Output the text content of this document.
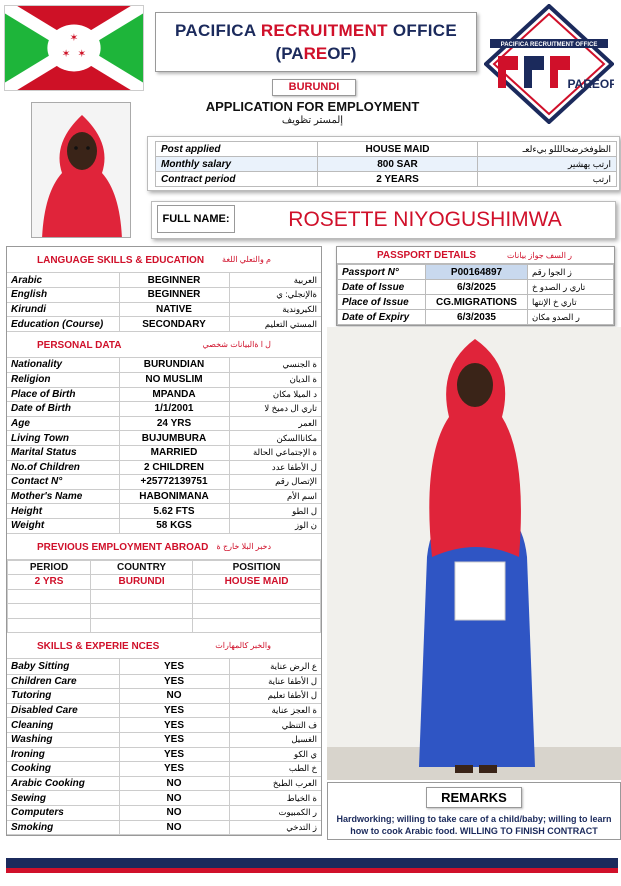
✶
✶ ✶
PACIFICA RECRUITMENT OFFICE
(PAREOF)
BURUNDI
APPLICATION FOR EMPLOYMENT
إلمستر تظويف
PACIFICA RECRUITMENT OFFICE
PAREOF
Post applied	HOUSE MAID	الظوفخرضحالللو بيءلعـ
Monthly salary	800 SAR	ارتب يهشير
Contract period	2 YEARS	ارتب
FULL NAME:	ROSETTE NIYOGUSHIMWA
LANGUAGE SKILLS & EDUCATION م والتعلي اللغة
Arabic	BEGINNER	العربية
English	BEGINNER	ةالإنجلي: ي
Kirundi	NATIVE	الكيروندية
Education (Course)	SECONDARY	المستي التعليم
PERSONAL DATA	ل ا ةالبيانات شخصي
Nationality	BURUNDIAN	ة الجنسي
Religion	NO MUSLIM	ة الديان
Place of Birth	MPANDA	د الميلا مكان
Date of Birth	1/1/2001	تاري ال دميخ لا
Age	24 YRS	العمر
Living Town	BUJUMBURA	مكاناالسكن
Marital Status	MARRIED	ة الإجتماعي الحالة
No.of Children	2 CHILDREN	ل الأطفا عدد
Contact N°	+25772139751	الإتصال رقم
Mother's Name	HABONIMANA	اسم الأم
Height	5.62 FTS	ل الطو
Weight	58 KGS	ن الوز
PREVIOUS EMPLOYMENT ABROAD دخبر البلا خارج ة
PERIOD	COUNTRY	POSITION
2 YRS	BURUNDI	HOUSE MAID

SKILLS & EXPERIE NCES	والخبر كالمهارات
Baby Sitting	YES	ع الرض عناية
Children Care	YES	ل الأطفا عناية
Tutoring	NO	ل الأطفا تعليم
Disabled Care	YES	ة العجز عناية
Cleaning	YES	ف التنظي
Washing	YES	الغسيل
Ironing	YES	ي الكو
Cooking	YES	خ الطب
Arabic Cooking	NO	العرب الطبخ
Sewing	NO	ة الخياط
Computers	NO	ر الكمبيوت
Smoking	NO	ز التدخي
PASSPORT DETAILS	ر السف جواز بيانات
Passport N°	P00164897	ز الجوا رقم
Date of Issue	6/3/2025	تاري ر الصدو خ
Place of Issue	CG.MIGRATIONS	تاري خ الإنتها
Date of Expiry	6/3/2035	ر الصدو مكان
REMARKS
Hardworking; willing to take care of a child/baby; willing to learn how to cook Arabic food. WILLING TO FINISH CONTRACT
